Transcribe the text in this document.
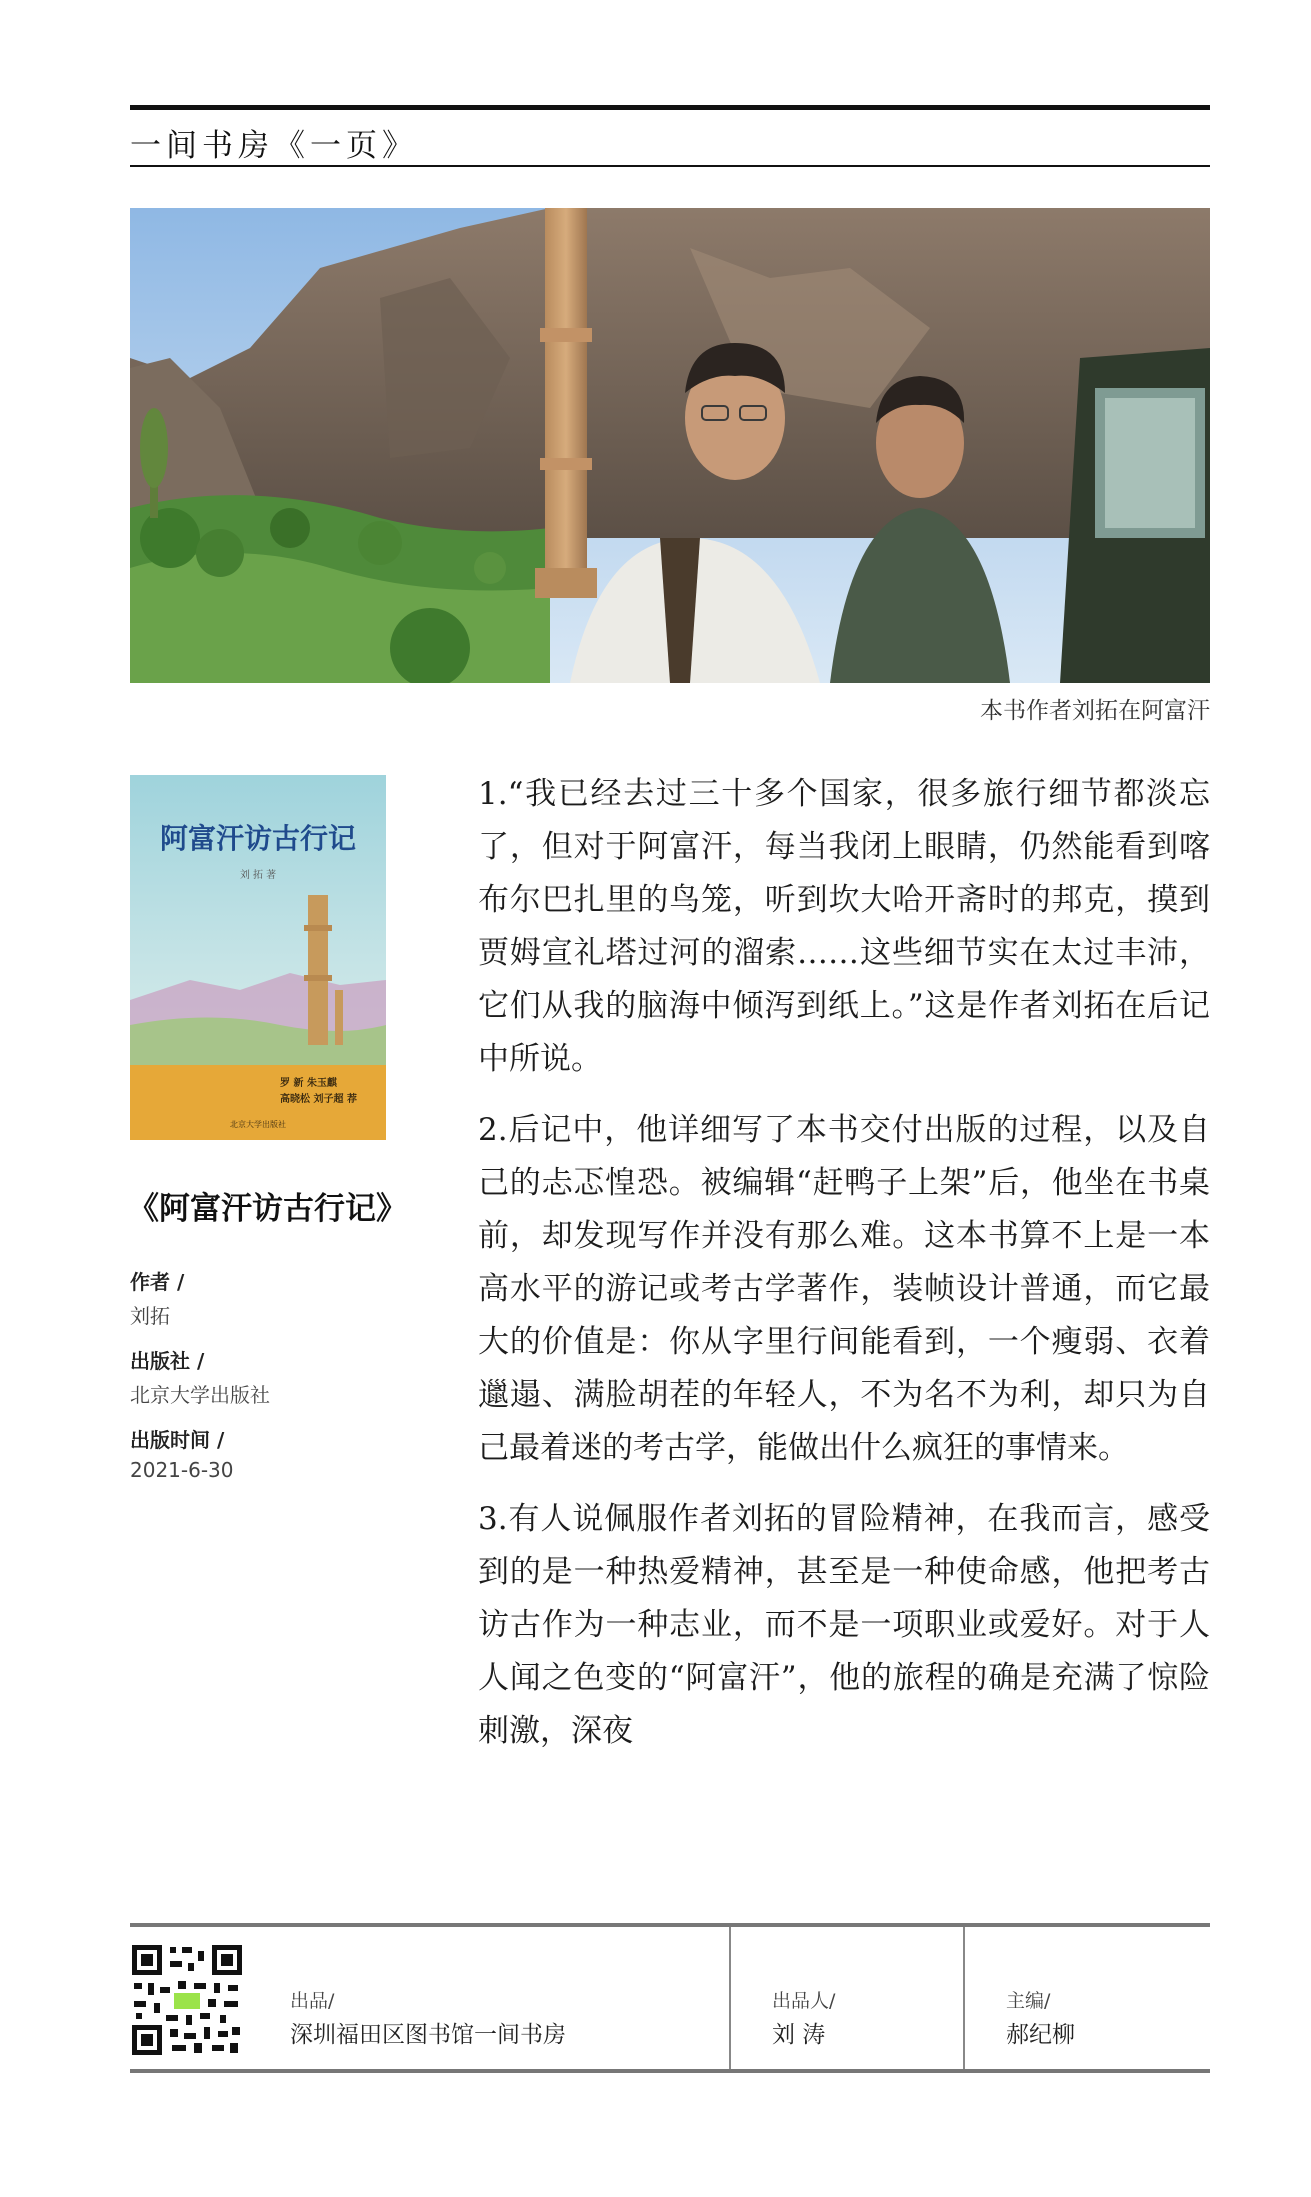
一间书房《一页》
本书作者刘拓在阿富汗
阿富汗访古行记
刘 拓 著
罗 新 朱玉麒
高晓松 刘子超 荐
北京大学出版社
《阿富汗访古行记》
作者 /
刘拓
出版社 /
北京大学出版社
出版时间 /
2021-6-30

1.“我已经去过三十多个国家，很多旅行细节都淡忘了，但对于阿富汗，每当我闭上眼睛，仍然能看到喀布尔巴扎里的鸟笼，听到坎大哈开斋时的邦克，摸到贾姆宣礼塔过河的溜索……这些细节实在太过丰沛，它们从我的脑海中倾泻到纸上。”这是作者刘拓在后记中所说。

2.后记中，他详细写了本书交付出版的过程，以及自己的忐忑惶恐。被编辑“赶鸭子上架”后，他坐在书桌前，却发现写作并没有那么难。这本书算不上是一本高水平的游记或考古学著作，装帧设计普通，而它最大的价值是：你从字里行间能看到，一个瘦弱、衣着邋遢、满脸胡茬的年轻人，不为名不为利，却只为自己最着迷的考古学，能做出什么疯狂的事情来。

3.有人说佩服作者刘拓的冒险精神，在我而言，感受到的是一种热爱精神，甚至是一种使命感，他把考古访古作为一种志业，而不是一项职业或爱好。对于人人闻之色变的“阿富汗”，他的旅程的确是充满了惊险刺激，深夜

出品/
深圳福田区图书馆一间书房
出品人/
刘 涛
主编/
郝纪柳
